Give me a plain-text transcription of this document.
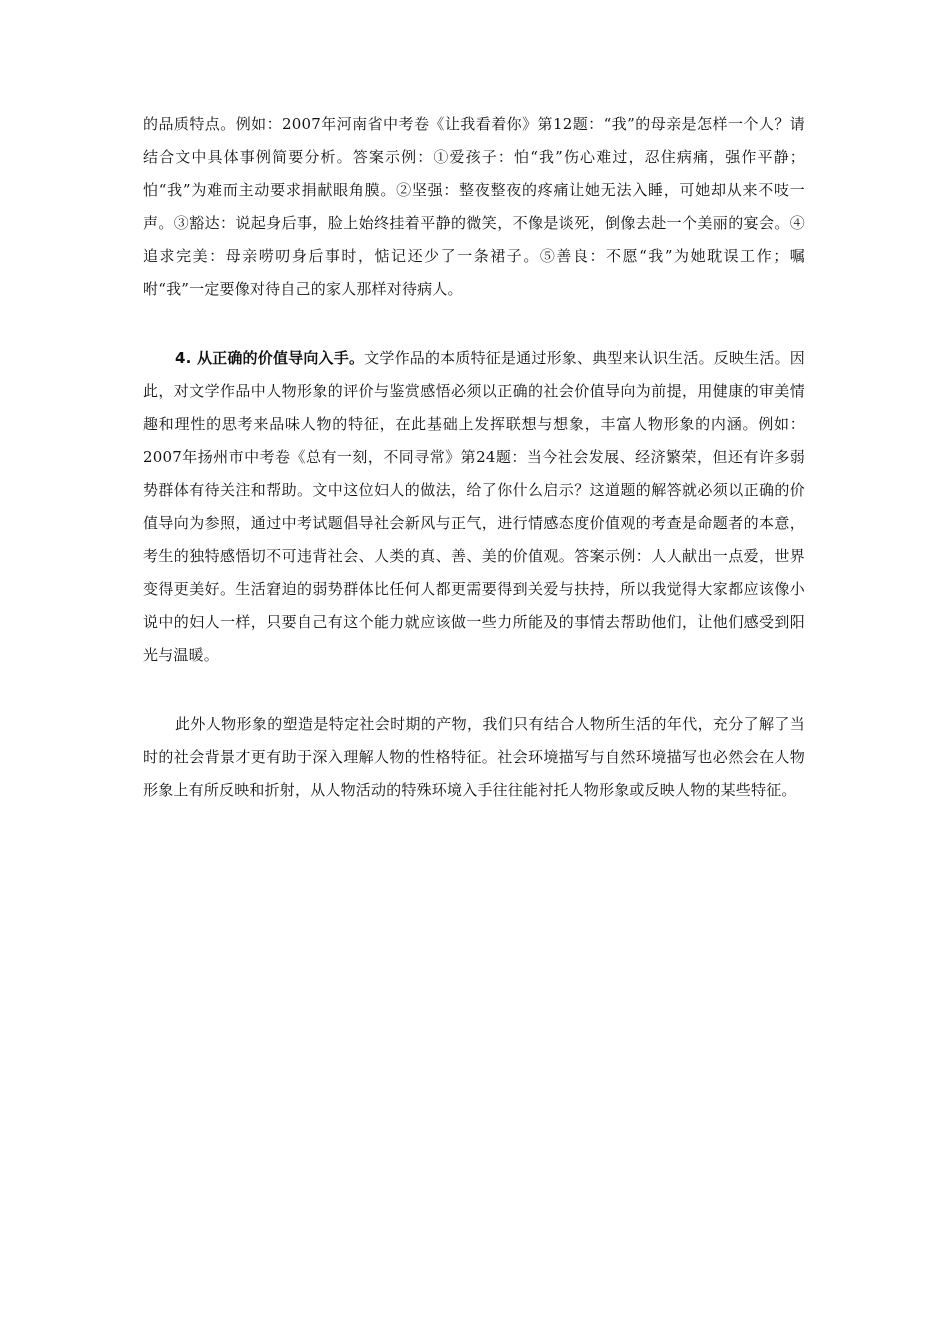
的品质特点。例如：2007年河南省中考卷《让我看着你》第12题：“我”的母亲是怎样一个人？请结合文中具体事例简要分析。答案示例：①爱孩子：怕“我”伤心难过，忍住病痛，强作平静；怕“我”为难而主动要求捐献眼角膜。②坚强：整夜整夜的疼痛让她无法入睡，可她却从来不吱一声。③豁达：说起身后事，脸上始终挂着平静的微笑，不像是谈死，倒像去赴一个美丽的宴会。④追求完美：母亲唠叨身后事时，惦记还少了一条裙子。⑤善良：不愿“我”为她耽误工作；嘱咐“我”一定要像对待自己的家人那样对待病人。

4. 从正确的价值导向入手。文学作品的本质特征是通过形象、典型来认识生活。反映生活。因此，对文学作品中人物形象的评价与鉴赏感悟必须以正确的社会价值导向为前提，用健康的审美情趣和理性的思考来品味人物的特征，在此基础上发挥联想与想象，丰富人物形象的内涵。例如：2007年扬州市中考卷《总有一刻，不同寻常》第24题：当今社会发展、经济繁荣，但还有许多弱势群体有待关注和帮助。文中这位妇人的做法，给了你什么启示？这道题的解答就必须以正确的价值导向为参照，通过中考试题倡导社会新风与正气，进行情感态度价值观的考查是命题者的本意，考生的独特感悟切不可违背社会、人类的真、善、美的价值观。答案示例：人人献出一点爱，世界变得更美好。生活窘迫的弱势群体比任何人都更需要得到关爱与扶持，所以我觉得大家都应该像小说中的妇人一样，只要自己有这个能力就应该做一些力所能及的事情去帮助他们，让他们感受到阳光与温暖。

此外人物形象的塑造是特定社会时期的产物，我们只有结合人物所生活的年代，充分了解了当时的社会背景才更有助于深入理解人物的性格特征。社会环境描写与自然环境描写也必然会在人物形象上有所反映和折射，从人物活动的特殊环境入手往往能衬托人物形象或反映人物的某些特征。
